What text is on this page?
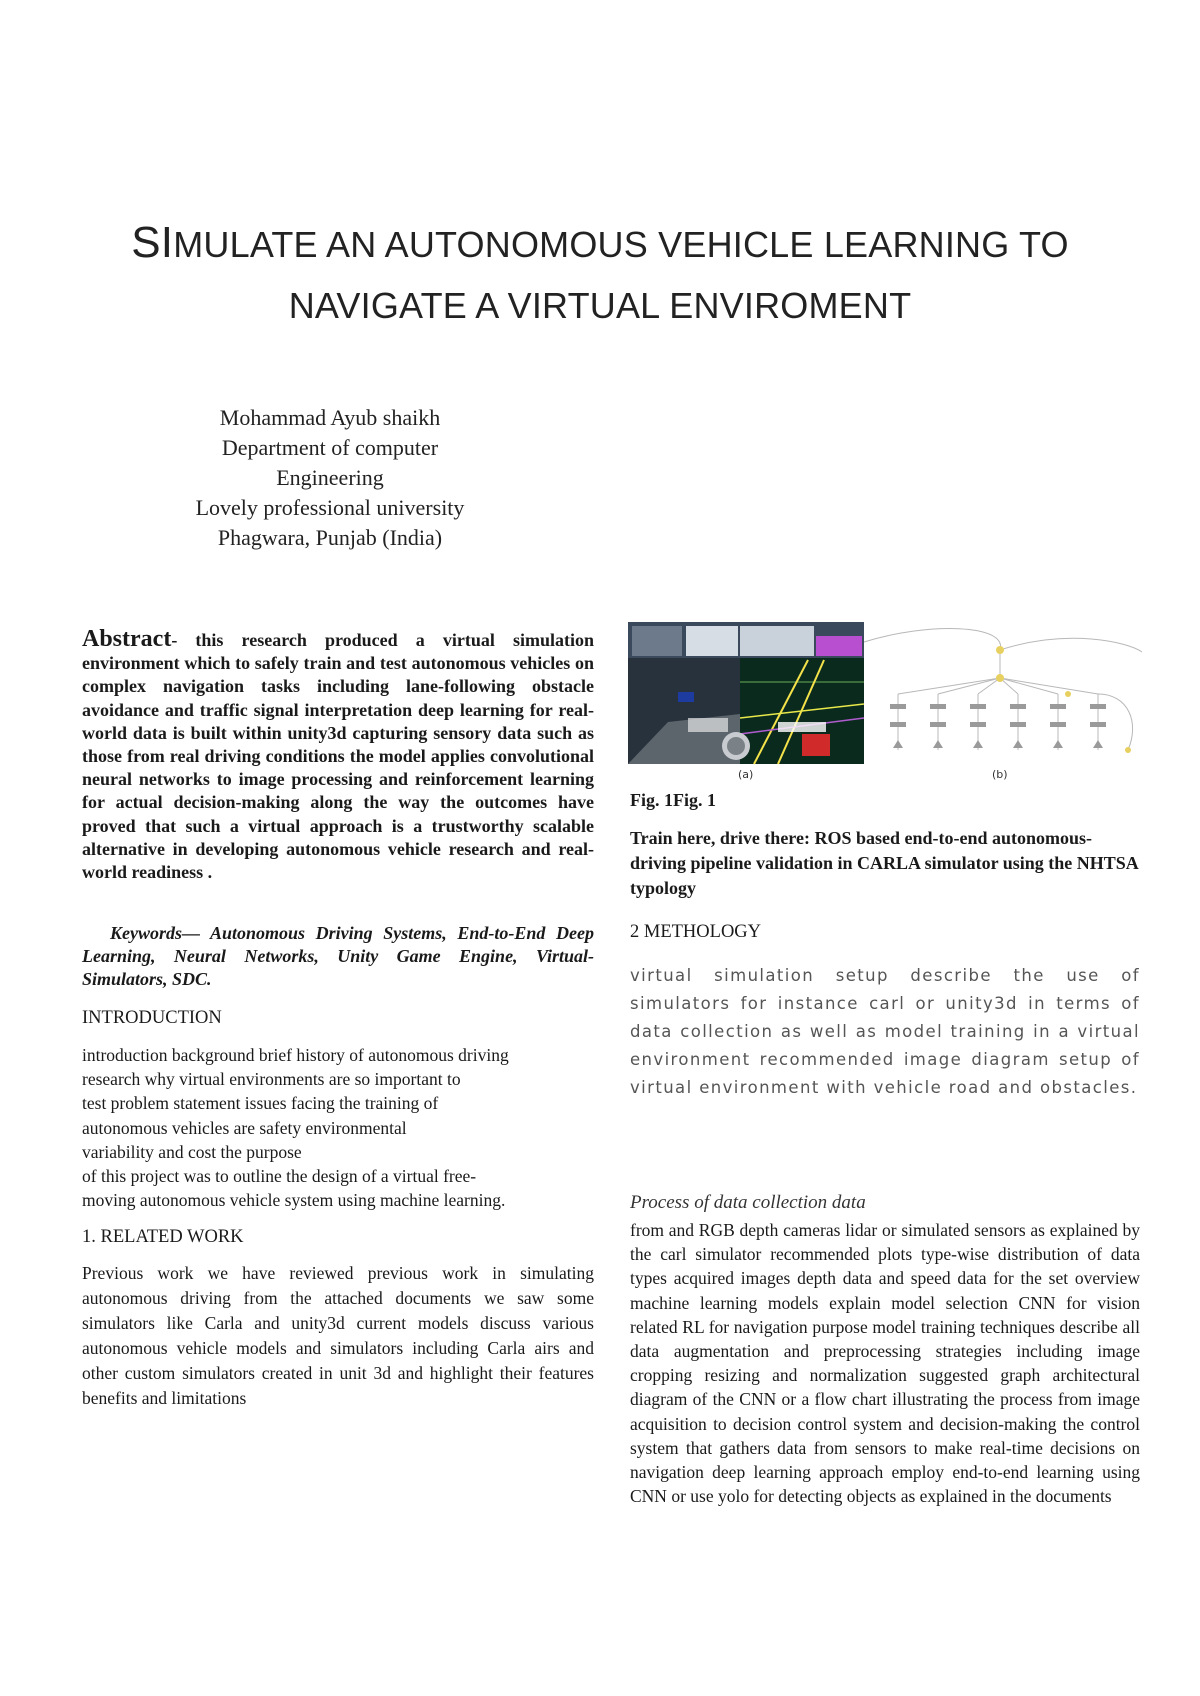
SIMULATE AN AUTONOMOUS VEHICLE LEARNING TO
NAVIGATE A VIRTUAL ENVIROMENT
Mohammad Ayub shaikh
Department of computer Engineering
Lovely professional university
Phagwara, Punjab (India)
Abstract- this research produced a virtual simulation environment which to safely train and test autonomous vehicles on complex navigation tasks including lane-following obstacle avoidance and traffic signal interpretation deep learning for real-world data is built within unity3d capturing sensory data such as those from real driving conditions the model applies convolutional neural networks to image processing and reinforcement learning for actual decision-making along the way the outcomes have proved that such a virtual approach is a trustworthy scalable alternative in developing autonomous vehicle research and real-world readiness .
Keywords— Autonomous Driving Systems, End-to-End Deep Learning, Neural Networks, Unity Game Engine, Virtual-Simulators, SDC.
INTRODUCTION
introduction background brief history of autonomous driving
research why virtual environments are so important to
test problem statement issues facing the training of
autonomous vehicles are safety environmental
variability and cost the purpose
of this project was to outline the design of a virtual free-
moving autonomous vehicle system using machine learning.
1. RELATED WORK
Previous work we have reviewed previous work in simulating autonomous driving from the attached documents we saw some simulators like Carla and unity3d current models discuss various autonomous vehicle models and simulators including Carla airs and other custom simulators created in unit 3d and highlight their features benefits and limitations
(a)	(b)
Fig. 1Fig. 1
Train here, drive there: ROS based end-to-end autonomous-driving pipeline validation in CARLA simulator using the NHTSA typology
2 METHOLOGY
virtual simulation setup describe the use of simulators for instance carl or unity3d in terms of data collection as well as model training in a virtual environment recommended image diagram setup of virtual environment with vehicle road and obstacles.
Process of data collection data
from and RGB depth cameras lidar or simulated sensors as explained by the carl simulator recommended plots type-wise distribution of data types acquired images depth data and speed data for the set overview machine learning models explain model selection CNN for vision related RL for navigation purpose model training techniques describe all data augmentation and preprocessing strategies including image cropping resizing and normalization suggested graph architectural diagram of the CNN or a flow chart illustrating the process from image acquisition to decision control system and decision-making the control system that gathers data from sensors to make real-time decisions on navigation deep learning approach employ end-to-end learning using CNN or use yolo for detecting objects as explained in the documents
